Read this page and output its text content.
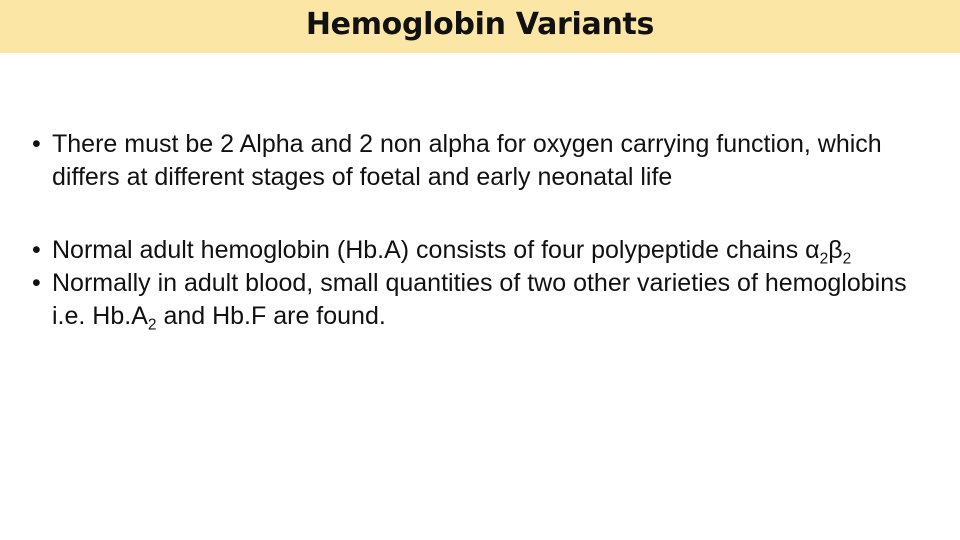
Hemoglobin Variants
• There must be 2 Alpha and 2 non alpha for oxygen carrying function, which differs at different stages of foetal and early neonatal life
• Normal adult hemoglobin (Hb.A) consists of four polypeptide chains $\alpha_2\beta_2$
• Normally in adult blood, small quantities of two other varieties of hemoglobins i.e. $Hb.A_2$ and Hb.F are found.
